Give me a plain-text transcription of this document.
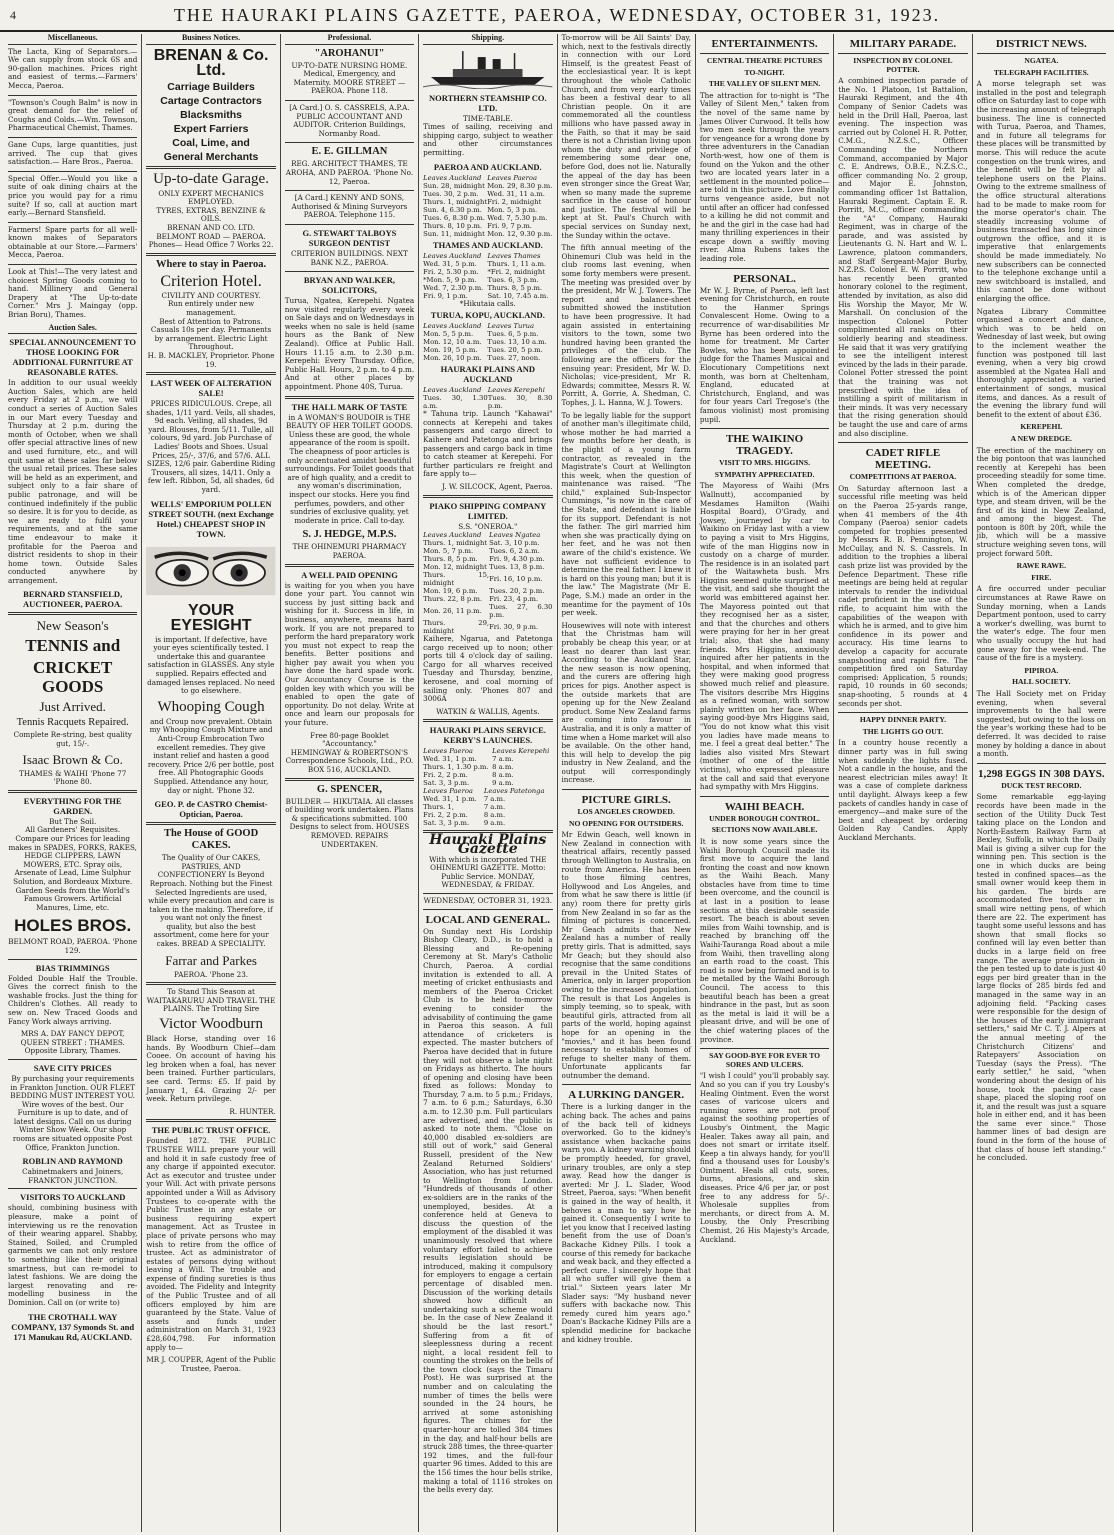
4	THE HAURAKI PLAINS GAZETTE, PAEROA, WEDNESDAY, OCTOBER 31, 1923.
Miscellaneous.
The Lacta, King of Separators.—We can supply from stock 6S and 90-gallon machines. Prices right and easiest of terms.—Farmers' Mecca, Paeroa.
"Townson's Cough Balm" is now in great demand for the relief of Coughs and Colds.—Wm. Townson, Pharmaceutical Chemist, Thames.
Gane Cups, large quantities, just arrived. The cup that gives satisfaction.— Hare Bros., Paeroa.
Special Offer.—Would you like a suite of oak dining chairs at the price you would pay for a rimu suite? If so, call at auction mart early.—Bernard Stansfield.
Farmers! Spare parts for all well-known makes of Separators obtainable at our Store.—Farmers' Mecca, Paeroa.
Look at This!—The very latest and choicest Spring Goods coming to hand. Millinery and General Drapery at "The Up-to-date Corner." Mrs J. Maingay (opp. Brian Boru), Thames.
Auction Sales.
SPECIAL ANNOUNCEMENT TO THOSE LOOKING FOR ADDITIONAL FURNITURE AT REASONABLE RATES.
In addition to our usual weekly Auction Sales, which are held every Friday at 2 p.m., we will conduct a series of Auction Sales in our Mart every Tuesday and Thursday at 2 p.m. during the month of October, when we shall offer special attractive lines of new and used furniture, etc., and will quit same at these sales far below the usual retail prices. These sales will be held as an experiment, and subject only to a fair share of public patronage, and will be continued indefinitely if the public so desire. It is for you to decide, as we are ready to fulfil your requirements, and at the same time endeavour to make it profitable for the Paeroa and district residents to shop in their home town. Outside Sales conducted anywhere by arrangement.
BERNARD STANSFIELD, AUCTIONEER, PAEROA.
New Season's
TENNIS and
CRICKET GOODS
Just Arrived.
Tennis Racquets Repaired.
Complete Re-string, best quality gut, 15/-.
Isaac Brown & Co.
THAMES & WAIHI 'Phone 77 'Phone 80.
EVERYTHING FOR THE GARDEN.
But The Soil.
All Gardeners' Requisites. Compare our Prices for leading makes in SPADES, FORKS, RAKES, HEDGE CLIPPERS, LAWN MOWERS, ETC. Spray oils, Arsenate of Lead, Lime Sulphur Solution, and Bordeaux Mixture. Garden Seeds from the World's Famous Growers. Artificial Manures, Lime, etc.
HOLES BROS.
BELMONT ROAD, PAEROA. 'Phone 129.
BIAS TRIMMINGS
Folded Double Half the Trouble. Gives the correct finish to the washable frocks. Just the thing for Children's Clothes. All ready to sew on. New Traced Goods and Fancy Work always arriving.
MRS A. DAY FANCY DEPOT, QUEEN STREET : THAMES. Opposite Library, Thames.
SAVE CITY PRICES
By purchasing your requirements in Frankton Junction. OUR FLEET BEDDING MUST INTEREST YOU. Wire woves of the best. Our Furniture is up to date, and of latest designs. Call on us during Winter Show Week. Our shop rooms are situated opposite Post Office, Frankton Junction.
ROBLIN AND RAYMOND
Cabinetmakers and Joiners, FRANKTON JUNCTION.
VISITORS TO AUCKLAND
should, combining business with pleasure, make a point of interviewing us re the renovation of their wearing apparel. Shabby, Stained, Soiled, and Crumpled garments we can not only restore to something like their original smartness, but can re-model to latest fashions. We are doing the largest renovating and re-modelling business in the Dominion. Call on (or write to)
THE CROTHALL WAY COMPANY, 137 Symonds St. and 171 Manukau Rd, AUCKLAND.
Business Notices.
BRENAN & Co. Ltd.
Carriage Builders
Cartage Contractors
Blacksmiths
Expert Farriers
Coal, Lime, and
General Merchants
Up-to-date Garage.
ONLY EXPERT MECHANICS EMPLOYED.
TYRES, EXTRAS, BENZINE & OILS.
BRENAN AND CO. LTD.
BELMONT ROAD — PAEROA.
Phones— Head Office 7 Works 22.
Where to stay in Paeroa.
Criterion Hotel.
CIVILITY AND COURTESY.
Run entirely under new management.
Best of Attention to Patrons.
Casuals 10s per day. Permanents by arrangement. Electric Light Throughout.
H. B. MACKLEY, Proprietor. Phone 19.
LAST WEEK OF ALTERATION SALE!
PRICES RIDICULOUS. Crepe, all shades, 1/11 yard. Veils, all shades, 9d each. Veiling, all shades, 9d yard. Blouses, from 5/11. Tulle, all colours, 9d yard. Job Purchase of Ladies' Boots and Shoes. Usual Prices, 25/-, 37/6, and 57/6. ALL SIZES, 12/6 pair. Gaberdine Riding Trousers, all sizes, 14/11. Only a few left. Ribbon, 5d, all shades, 6d yard.
WELLS' EMPORIUM POLLEN STREET SOUTH. (next Exchange Hotel.) CHEAPEST SHOP IN TOWN.
YOUR EYESIGHT
is important. If defective, have your eyes scientifically tested. I undertake this and guarantee satisfaction in GLASSES. Any style supplied. Repairs effected and damaged lenses replaced. No need to go elsewhere.
Whooping Cough
and Croup now prevalent. Obtain my Whooping Cough Mixture and Anti-Croup Embrocation Two excellent remedies. They give instant relief and hasten a good recovery. Price 2/6 per bottle, post free. All Photographic Goods Supplied. Attendance any hour, day or night. 'Phone 32.
GEO. P. de CASTRO Chemist-Optician, Paeroa.
The House of GOOD CAKES.
The Quality of Our CAKES, PASTRIES, AND CONFECTIONERY Is Beyond Reproach. Nothing but the Finest Selected Ingredients are used, while every precaution and care is taken in the making. Therefore, if you want not only the finest quality, but also the best assortment, come here for your cakes. BREAD A SPECIALITY.
Farrar and Parkes
PAEROA. 'Phone 23.
To Stand This Season at WAITAKARURU AND TRAVEL THE PLAINS. The Trotting Sire
Victor Woodburn
Black Horse, standing over 16 hands. By Woodburn Chief—dam Cooee. On account of having his leg broken when a foal, has never been trained. Further particulars, see card. Terms: £5. If paid by January 1, £4. Grazing 2/- per week. Return privilege.
R. HUNTER.
THE PUBLIC TRUST OFFICE.
Founded 1872. THE PUBLIC TRUSTEE WILL prepare your will and hold it in safe custody free of any charge if appointed executor. Act as executor and trustee under your Will. Act with private persons appointed under a Will as Advisory Trustees to co-operate with the Public Trustee in any estate or business requiring expert management. Act as Trustee in place of private persons who may wish to retire from the office of trustee. Act as administrator of estates of persons dying without leaving a Will. The trouble and expense of finding sureties is thus avoided. The Fidelity and Integrity of the Public Trustee and of all officers employed by him are guaranteed by the State. Value of assets and funds under administration on March 31, 1923 £28,604,798. For information apply to—
MR J. COUPER, Agent of the Public Trustee, Paeroa.
Professional.
"AROHANUI"
UP-TO-DATE NURSING HOME. Medical, Emergency, and Maternity. MOORE STREET — PAEROA. Phone 118.
[A Card.] O. S. CASSRELS, A.P.A. PUBLIC ACCOUNTANT AND AUDITOR. Criterion Buildings, Normanby Road.
E. E. GILLMAN
REG. ARCHITECT THAMES, TE AROHA, AND PAEROA. 'Phone No. 12, Paeroa.
[A Card.] KENNY AND SONS, Authorised & Mining Surveyors PAEROA. Telephone 115.
G. STEWART TALBOYS SURGEON DENTIST
CRITERION BUILDINGS. NEXT BANK N.Z., PAEROA.
BRYAN AND WALKER, SOLICITORS,
Turua, Ngatea, Kerepehi. Ngatea now visited regularly every week on Sale days and on Wednesdays in weeks when no sale is held (same hours as the Bank of New Zealand). Office at Public Hall. Hours 11.15 a.m. to 2.30 p.m. Kerepehi: Every Thursday. Office, Public Hall. Hours, 2 p.m. to 4 p.m. And at other places by appointment. Phone 40S, Turua.
THE HALL MARK OF TASTE
in A WOMAN'S BOUDOIR is THE BEAUTY OF HER TOILET GOODS. Unless these are good, the whole appearance of the room is spoilt. The cheapness of poor articles is only accentuated amidst beautiful surroundings. For Toilet goods that are of high quality, and a credit to any woman's discrimination, inspect our stocks. Here you find perfumes, powders, and other sundries of exclusive quality, yet moderate in price. Call to-day.
S. J. HEDGE, M.P.S.
THE OHINEMURI PHARMACY PAEROA.
A WELL PAID OPENING
is waiting for you when you have done your part. You cannot win success by just sitting back and wishing for it. Success in life, in business, anywhere, means hard work. If you are not prepared to perform the hard preparatory work you must not expect to reap the benefits. Better positions and higher pay await you when you have done the hard spade work. Our Accountancy Course is the golden key with which you will be enabled to open the gate of opportunity. Do not delay. Write at once and learn our proposals for your future.
Free 80-page Booklet "Accountancy."
HEMINGWAY & ROBERTSON'S Correspondence Schools, Ltd., P.O. BOX 516, AUCKLAND.
G. SPENCER,
BUILDER — HIKUTAIA. All classes of building work undertaken. Plans & specifications submitted. 100 Designs to select from. HOUSES REMOVED. REPAIRS UNDERTAKEN.
Shipping.
NORTHERN STEAMSHIP CO. LTD.
TIME-TABLE.
Times of sailing, receiving and shipping cargo, subject to weather and other circumstances permitting.
PAEROA AND AUCKLAND.
Leaves Auckland	Leaves Paeroa
Sun. 28, midnight	Mon. 29, 8.30 p.m.
Tues. 30, 2 p.m.	Wed. 31, 11 a.m.
Thurs. 1, midnight	Fri. 2, midnight
Sun. 4, 6.30 p.m.	Mon. 5, 3 p.m.
Tues. 6, 8.30 p.m.	Wed. 7, 5.30 p.m.
Thurs. 8, 10 p.m.	Fri. 9, 7 p.m.
Sun. 11, midnight	Mon. 12, 9.30 p.m.
THAMES AND AUCKLAND.
Leaves Auckland	Leaves Thames
Wed. 31, 5 p.m.	Thurs. 1, 11 a.m.
Fri. 2, 5.30 p.m.	*Fri. 2, midnight
*Mon. 5, 9 p.m.	Tues. 6, 3 p.m.
Wed. 7, 2.30 p.m.	Thurs. 8, 5 p.m.
Fri. 9, 1 p.m.	Sat. 10, 7.45 a.m.
*Hikutaia calls.
TURUA, KOPU, AUCKLAND.
Leaves Auckland	Leaves Turua
Mon. 5, 5 p.m.	Tues. 6, 5 p.m.
Mon. 12, 10 a.m.	Tues. 13, 10 a.m.
Mon. 19, 5 p.m.	Tues. 20, 5 p.m.
Mon. 26, 10 p.m.	Tues. 27, noon.
HAURAKI PLAINS AND AUCKLAND
Leaves Auckland	Leaves Kerepehi
Tues. 30, 1.30 a.m.	Tues. 30, 8.30 p.m.
* Tahuna trip. Launch "Kahawai" connects at Kerepehi and takes passengers and cargo direct to Kaihere and Patetonga and brings passengers and cargo back in time to catch steamer at Kerepehi. For further particulars re freight and fare apply to—
J. W. SILCOCK, Agent, Paeroa.
PIAKO SHIPPING COMPANY LIMITED.
S.S. "ONEROA."
Leaves Auckland	Leaves Ngatea
Thurs. 1, midnight	Sat. 3, 10 p.m.
Mon. 5, 7 p.m.	Tues. 6, 2 a.m.
Thurs. 8, 5 p.m.	Fri. 9, 4.30 p.m.
Mon. 12, midnight	Tues. 13, 8 p.m.
Thurs. 15, midnight	Fri. 16, 10 p.m.
Mon. 19, 6 p.m.	Tues. 20, 2 p.m.
Thurs. 22, 8 p.m.	Fri. 23, 4 p.m.
Mon. 26, 11 p.m.	Tues. 27, 6.30 p.m.
Thurs. 29, midnight	Fri. 30, 9 p.m.
Kaihere, Ngarua, and Patetonga cargo received up to noon; other ports till 4 o'clock day of sailing. Cargo for all wharves received Tuesday and Thursday, benzine, kerosene, and coal morning of sailing only. 'Phones 807 and 3006A
WATKIN & WALLIS, Agents.
HAURAKI PLAINS SERVICE. KERBY'S LAUNCHES.
Leaves Paeroa	Leaves Kerepehi
Wed. 31, 1 p.m.	7 a.m.
Thurs. 1, 1.30 p.m.	8 a.m.
Fri. 2, 2 p.m.	8 a.m.
Sat. 3, 3 p.m.	9 a.m.
Leaves Paeroa	Leaves Patetonga
Wed. 31, 1 p.m.	7 a.m.
Thurs. 1,	7 a.m.
Fri. 2, 2 p.m.	8 a.m.
Sat. 3, 3 p.m.	9 a.m.
Hauraki Plains Gazette
With which is incorporated THE OHINEMURI GAZETTE. Motto: Public Service. MONDAY, WEDNESDAY, & FRIDAY.
WEDNESDAY, OCTOBER 31, 1923.
LOCAL AND GENERAL.
On Sunday next His Lordship Bishop Cleary, D.D., is to hold a Blessing and Re-opening Ceremony at St. Mary's Catholic Church, Paeroa. A cordial invitation is extended to all. A meeting of cricket enthusiasts and members of the Paeroa Cricket Club is to be held to-morrow evening to consider the advisability of continuing the game in Paeroa this season. A full attendance of cricketers is expected. The master butchers of Paeroa have decided that in future they will not observe a late night on Fridays as hitherto. The hours of opening and closing have been fixed as follows: Monday to Thursday, 7 a.m. to 5 p.m.; Fridays, 7 a.m. to 6 p.m.; Saturdays, 6.30 a.m. to 12.30 p.m. Full particulars are advertised, and the public is asked to note them. "Close on 40,000 disabled ex-soldiers are still out of work," said General Russell, president of the New Zealand Returned Soldiers' Association, who has just returned to Wellington from London. "Hundreds of thousands of other ex-soldiers are in the ranks of the unemployed, besides. At a conference held at Geneva to discuss the question of the employment of the disabled it was unanimously resolved that where voluntary effort failed to achieve results legislation should be introduced, making it compulsory for employers to engage a certain percentage of disabled men. Discussion of the working details showed how difficult an undertaking such a scheme would be. In the case of New Zealand it should be the last resort." Suffering from a fit of sleeplessness during a recent night, a local resident fell to counting the strokes on the bells of the town clock (says the Timaru Post). He was surprised at the number and on calculating the number of times the bells were sounded in the 24 hours, he arrived at some astonishing figures. The chimes for the quarter-hour are tolled 384 times in the day, and half-hour bells are struck 288 times, the three-quarter 192 times, and the full-four quarter 96 times. Added to this are the 156 times the hour bells strike, making a total of 1116 strokes on the bells every day.
To-morrow will be All Saints' Day, which, next to the festivals directly in connection with our Lord Himself, is the greatest Feast of the ecclesiastical year. It is kept throughout the whole Catholic Church, and from very early times has been a festival dear to all Christian people. On it are commemorated all the countless millions who have passed away in the Faith, so that it may be said there is not a Christian living upon whom the duty and privilege of remembering some dear one, before God, does not lie. Naturally the appeal of the day has been even stronger since the Great War, when so many made the supreme sacrifice in the cause of honour and justice. The festival will be kept at St. Paul's Church with special services on Sunday next, the Sunday within the octave.
The fifth annual meeting of the Ohinemuri Club was held in the club rooms last evening, when some forty members were present. The meeting was presided over by the president, Mr W. J. Towers. The report and balance-sheet submitted showed the institution to have been progressive. It had again assisted in entertaining visitors to the town, some two hundred having been granted the privileges of the club. The following are the officers for the ensuing year: President, Mr W. D. Nicholas; vice-president, Mr R. Edwards; committee, Messrs R. W. Porritt, A. Gorrie, A. Shedman, C. Tophes, J. L. Hanna, W. J. Towers.
To be legally liable for the support of another man's illegitimate child, whose mother he had married a few months before her death, is the plight of a young farm contractor, as revealed in the Magistrate's Court at Wellington this week, when the question of maintenance was raised. "The child," explained Sub-Inspector Cummings, "is now in the care of the State, and defendant is liable for its support. Defendant is not the father. The girl married him when she was practically dying on her feet, and he was not then aware of the child's existence. We have not sufficient evidence to determine the real father. I knew it is hard on this young man; but it is the law." The Magistrate (Mr E. Page, S.M.) made an order in the meantime for the payment of 10s per week.
Housewives will note with interest that the Christmas ham will probably be cheap this year, or at least no dearer than last year. According to the Auckland Star, the new season is now opening, and the curers are offering high prices for pigs. Another aspect is the outside markets that are opening up for the New Zealand product. Some New Zealand farms are coming into favour in Australia, and it is only a matter of time when a Home market will also be available. On the other hand, this will help to develop the pig industry in New Zealand, and the output will correspondingly increase.
PICTURE GIRLS.
LOS ANGELES CROWDED.
NO OPENING FOR OUTSIDERS.
Mr Edwin Geach, well known in New Zealand in connection with theatrical affairs, recently passed through Wellington to Australia, on route from America. He has been to those filming centres, Hollywood and Los Angeles, and from what he saw there is little (if any) room there for pretty girls from New Zealand in so far as the filming of pictures is concerned. Mr Geach admits that New Zealand has a number of really pretty girls. That is admitted, says Mr Geach; but they should also recognise that the same conditions prevail in the United States of America, only in larger proportion owing to the increased population. The result is that Los Angeles is simply teeming, so to speak, with beautiful girls, attracted from all parts of the world, hoping against hope for an opening in the "movies," and it has been found necessary to establish homes of refuge to shelter many of them. Unfortunate applicants far outnumber the demand.
A LURKING DANGER.
There is a lurking danger in the aching back. The aches and pains of the back tell of kidneys overworked. Go to the kidney's assistance when backache pains warn you. A kidney warning should be promptly heeded, for gravel, urinary troubles, are only a step away. Read how the danger is averted: Mr J. L. Slader, Wood Street, Paeroa, says: "When benefit is gained in the way of health, it behoves a man to say how he gained it. Consequently I write to let you know that I received lasting benefit from the use of Doan's Backache Kidney Pills. I took a course of this remedy for backache and weak back, and they effected a perfect cure. I sincerely hope that all who suffer will give them a trial." Sixteen years later Mr Slader says: "My husband never suffers with backache now. This remedy cured him years ago." Doan's Backache Kidney Pills are a splendid medicine for backache and kidney trouble.
ENTERTAINMENTS.
CENTRAL THEATRE PICTURES
TO-NIGHT.
THE VALLEY OF SILENT MEN.
The attraction for to-night is "The Valley of Silent Men," taken from the novel of the same name by James Oliver Curwood. It tells how two men seek through the years for vengeance for a wrong done by three adventurers in the Canadian North-west, how one of them is found on the Yukon and the other two are located years later in a settlement in the mounted police—are told in this picture. Love finally turns vengeance aside, but not until after an officer had confessed to a killing he did not commit and he and the girl in the case had had many thrilling experiences in their escape down a swiftly moving river. Alma Rubens takes the leading role.
PERSONAL.
Mr W. J. Byrne, of Paeroa, left last evening for Christchurch, en route to the Hanmer Springs Convalescent Home. Owing to a recurrence of war-disabilities Mr Byrne has been ordered into the home for treatment. Mr Carter Bowles, who has been appointed judge for the Thames Musical and Elocutionary Competitions next month, was born at Cheltenham, England, educated at Christchurch, England, and was for four years Carl Tregose's (the famous violinist) most promising pupil.
THE WAIKINO TRAGEDY.
VISIT TO MRS. HIGGINS.
SYMPATHY APPRECIATED.
The Mayoress of Waihi (Mrs Wallnutt), accompanied by Mesdames Hamilton (Waihi Hospital Board), O'Grady, and Jowsey, journeyed by car to Waikino on Friday last with a view to paying a visit to Mrs Higgins, wife of the man Higgins now in custody on a charge of murder. The residence is in an isolated part of the Waitawheta bush. Mrs Higgins seemed quite surprised at the visit, and said she thought the world was embittered against her. The Mayoress pointed out that they recognised her as a sister, and that the churches and others were praying for her in her great trial; also, that she had many friends. Mrs Higgins, anxiously inquired after her patients in the hospital, and when informed that they were making good progress showed much relief and pleasure. The visitors describe Mrs Higgins as a refined woman, with sorrow plainly written on her face. When saying good-bye Mrs Higgins said, "You do not know what this visit you ladies have made means to me. I feel a great deal better." The ladies also visited Mrs Stewart (mother of one of the little victims), who expressed pleasure at the call and said that everyone had sympathy with Mrs Higgins.
WAIHI BEACH.
UNDER BOROUGH CONTROL.
SECTIONS NOW AVAILABLE.
It is now some years since the Waihi Borough Council made its first move to acquire the land fronting the coast and now known as the Waihi Beach. Many obstacles have from time to time been overcome, and the council is at last in a position to lease sections at this desirable seaside resort. The beach is about seven miles from Waihi township, and is reached by branching off the Waihi-Tauranga Road about a mile from Waihi, then travelling along an earth road to the coast. This road is now being formed and is to be metalled by the Waihi Borough Council. The access to this beautiful beach has been a great hindrance in the past, but as soon as the metal is laid it will be a pleasant drive, and will be one of the chief watering places of the province.
SAY GOOD-BYE FOR EVER TO SORES AND ULCERS.
"I wish I could" you'll probably say. And so you can if you try Lousby's Healing Ointment. Even the worst cases of varicose ulcers and running sores are not proof against the soothing properties of Lousby's Ointment, the Magic Healer. Takes away all pain, and does not smart or irritate itself. Keep a tin always handy, for you'll find a thousand uses for Lousby's Ointment. Heals all cuts, sores, burns, abrasions, and skin diseases. Price 4/6 per jar, or post free to any address for 5/-. Wholesale supplies from merchants, or direct from A. M. Lousby, the Only Prescribing Chemist, 26 His Majesty's Arcade, Auckland.
MILITARY PARADE.
INSPECTION BY COLONEL POTTER.
A combined inspection parade of the No. 1 Platoon, 1st Battalion, Hauraki Regiment, and the 4th Company of Senior Cadets was held in the Drill Hall, Paeroa, last evening. The inspection was carried out by Colonel H. R. Potter, C.M.G., N.Z.S.C., Officer Commanding the Northern Command, accompanied by Major C. E. Andrews, O.B.E., N.Z.S.C., officer commanding No. 2 group, and Major E. Johnston, commanding officer 1st Battalion, Hauraki Regiment. Captain E. R. Porritt, M.C., officer commanding the "A" Company, Hauraki Regiment, was in charge of the parade, and was assisted by Lieutenants G. N. Hart and W. L. Lawrence, platoon commanders, and Staff Sergeant-Major Burby, N.Z.P.S. Colonel E. W. Porritt, who has recently been granted honorary colonel to the regiment, attended by invitation, as also did His Worship the Mayor, Mr W. Marshall. On conclusion of the inspection Colonel Potter complimented all ranks on their soldierly bearing and steadiness. He said that it was very gratifying to see the intelligent interest evinced by the lads in their parade. Colonel Potter stressed the point that the training was not prescribed with the idea of instilling a spirit of militarism in their minds. It was very necessary that the rising generation should be taught the use and care of arms and also discipline.
CADET RIFLE MEETING.
COMPETITIONS AT PAEROA.
On Saturday afternoon last a successful rifle meeting was held on the Paeroa 25-yards range, when 41 members of the 4th Company (Paeroa) senior cadets competed for trophies presented by Messrs R. B. Pennington, W. McCullay, and N. S. Cassrels. In addition to the trophies a liberal cash prize list was provided by the Defence Department. These rifle meetings are being held at regular intervals to render the individual cadet proficient in the use of the rifle, to acquaint him with the capabilities of the weapon with which he is armed, and to give him confidence in its power and accuracy. His time learns to develop a capacity for accurate snapshooting and rapid fire. The competition fired on Saturday comprised: Application, 5 rounds; rapid, 10 rounds in 60 seconds; snap-shooting, 5 rounds at 4 seconds per shot.
HAPPY DINNER PARTY.
THE LIGHTS GO OUT.
In a country house recently a dinner party was in full swing when suddenly the lights fused. Not a candle in the house, and the nearest electrician miles away! It was a case of complete darkness until daylight. Always keep a few packets of candles handy in case of emergency—and make sure of the best and cheapest by ordering Golden Ray Candles. Apply Auckland Merchants.
DISTRICT NEWS.
NGATEA.
TELEGRAPH FACILITIES.
A morse telegraph set was installed in the post and telegraph office on Saturday last to cope with the increasing amount of telegraph business. The line is connected with Turua, Paeroa, and Thames, and in future all telegrams for these places will be transmitted by morse. This will reduce the acute congestion on the trunk wires, and the benefit will be felt by all telephone users on the Plains. Owing to the extreme smallness of the office structural alterations had to be made to make room for the morse operator's chair. The steadily increasing volume of business transacted has long since outgrown the office, and it is imperative that enlargements should be made immediately. No new subscribers can be connected to the telephone exchange until a new switchboard is installed, and this cannot be done without enlarging the office.
Ngatea Library Committee organised a concert and dance, which was to be held on Wednesday of last week, but owing to the inclement weather the function was postponed till last evening, when a very big crowd assembled at the Ngatea Hall and thoroughly appreciated a varied entertainment of songs, musical items, and dances. As a result of the evening the library fund will benefit to the extent of about £36.
KEREPEHI.
A NEW DREDGE.
The erection of the machinery on the big pontoon that was launched recently at Kerepehi has been proceeding steadily for some time. When completed the dredge, which is of the American dipper type, and steam driven, will be the first of its kind in New Zealand, and among the biggest. The pontoon is 80ft by 20ft, while the jib, which will be a massive structure weighing seven tons, will project forward 50ft.
RAWE RAWE.
FIRE.
A fire occurred under peculiar circumstances at Rawe Rawe on Sunday morning, when a Lands Department pontoon, used to carry a worker's dwelling, was burnt to the water's edge. The four men who usually occupy the hut had gone away for the week-end. The cause of the fire is a mystery.
PIPIROA.
HALL SOCIETY.
The Hall Society met on Friday evening, when several improvements to the hall were suggested, but owing to the loss on the year's working these had to be deferred. It was decided to raise money by holding a dance in about a month.
1,298 EGGS IN 308 DAYS.
DUCK TEST RECORD.
Some remarkable egg-laying records have been made in the section of the Utility Duck Test taking place on the London and North-Eastern Railway Farm at Bexley, Suffolk, in which the Daily Mail is giving a silver cup for the winning pen. This section is the one in which ducks are being tested in confined spaces—as the small owner would keep them in his garden. The birds are accommodated five together in small wire netting pens, of which there are 22. The experiment has taught some useful lessons and has shown that small flocks so confined will lay even better than ducks in a large field on free range. The average production in the pen tested up to date is just 40 eggs per bird greater than in the large flocks of 285 birds fed and managed in the same way in an adjoining field. "Packing cases were responsible for the design of the houses of the early immigrant settlers," said Mr C. T. J. Alpers at the annual meeting of the Christchurch Citizens' and Ratepayers' Association on Tuesday (says the Press). "The early settler," he said, "when wondering about the design of his house, took the packing case shape, placed the sloping roof on it, and the result was just a square hole in either end, and it has been the same ever since." Those hammer lines of bad design are found in the form of the house of that class of house left standing." he concluded.
